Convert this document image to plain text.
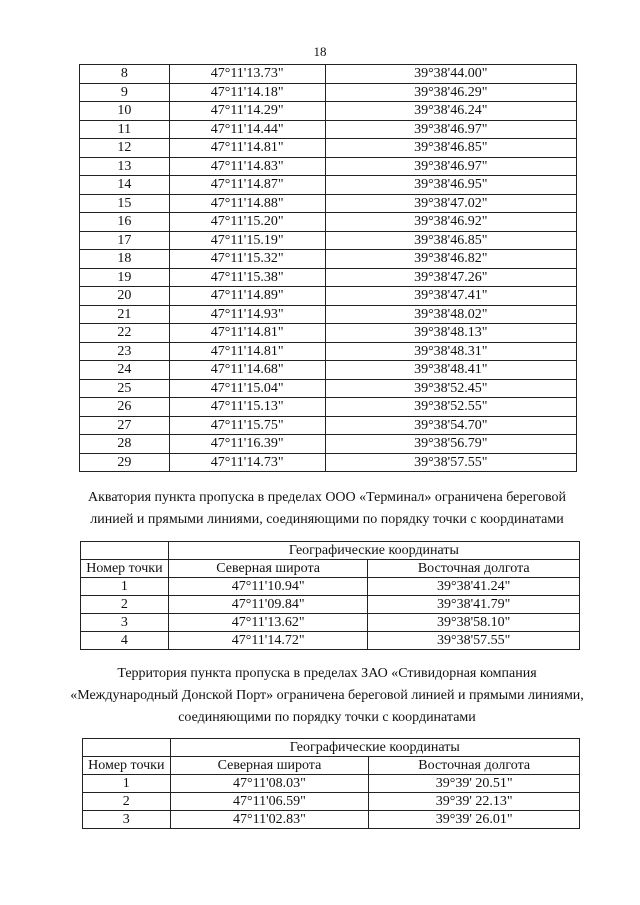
18
8	47°11'13.73"	39°38'44.00"
9	47°11'14.18"	39°38'46.29"
10	47°11'14.29"	39°38'46.24"
11	47°11'14.44"	39°38'46.97"
12	47°11'14.81"	39°38'46.85"
13	47°11'14.83"	39°38'46.97"
14	47°11'14.87"	39°38'46.95"
15	47°11'14.88"	39°38'47.02"
16	47°11'15.20"	39°38'46.92"
17	47°11'15.19"	39°38'46.85"
18	47°11'15.32"	39°38'46.82"
19	47°11'15.38"	39°38'47.26"
20	47°11'14.89"	39°38'47.41"
21	47°11'14.93"	39°38'48.02"
22	47°11'14.81"	39°38'48.13"
23	47°11'14.81"	39°38'48.31"
24	47°11'14.68"	39°38'48.41"
25	47°11'15.04"	39°38'52.45"
26	47°11'15.13"	39°38'52.55"
27	47°11'15.75"	39°38'54.70"
28	47°11'16.39"	39°38'56.79"
29	47°11'14.73"	39°38'57.55"
Акватория пункта пропуска в пределах ООО «Терминал» ограничена береговой линией и прямыми линиями, соединяющими по порядку точки с координатами
	Географические координаты	
Номер точки	Северная широта	Восточная долгота
1	47°11'10.94"	39°38'41.24"
2	47°11'09.84"	39°38'41.79"
3	47°11'13.62"	39°38'58.10"
4	47°11'14.72"	39°38'57.55"
Территория пункта пропуска в пределах ЗАО «Стивидорная компания «Международный Донской Порт» ограничена береговой линией и прямыми линиями, соединяющими по порядку точки с координатами
	Географические координаты	
Номер точки	Северная широта	Восточная долгота
1	47°11'08.03"	39°39' 20.51"
2	47°11'06.59"	39°39' 22.13"
3	47°11'02.83"	39°39' 26.01"
